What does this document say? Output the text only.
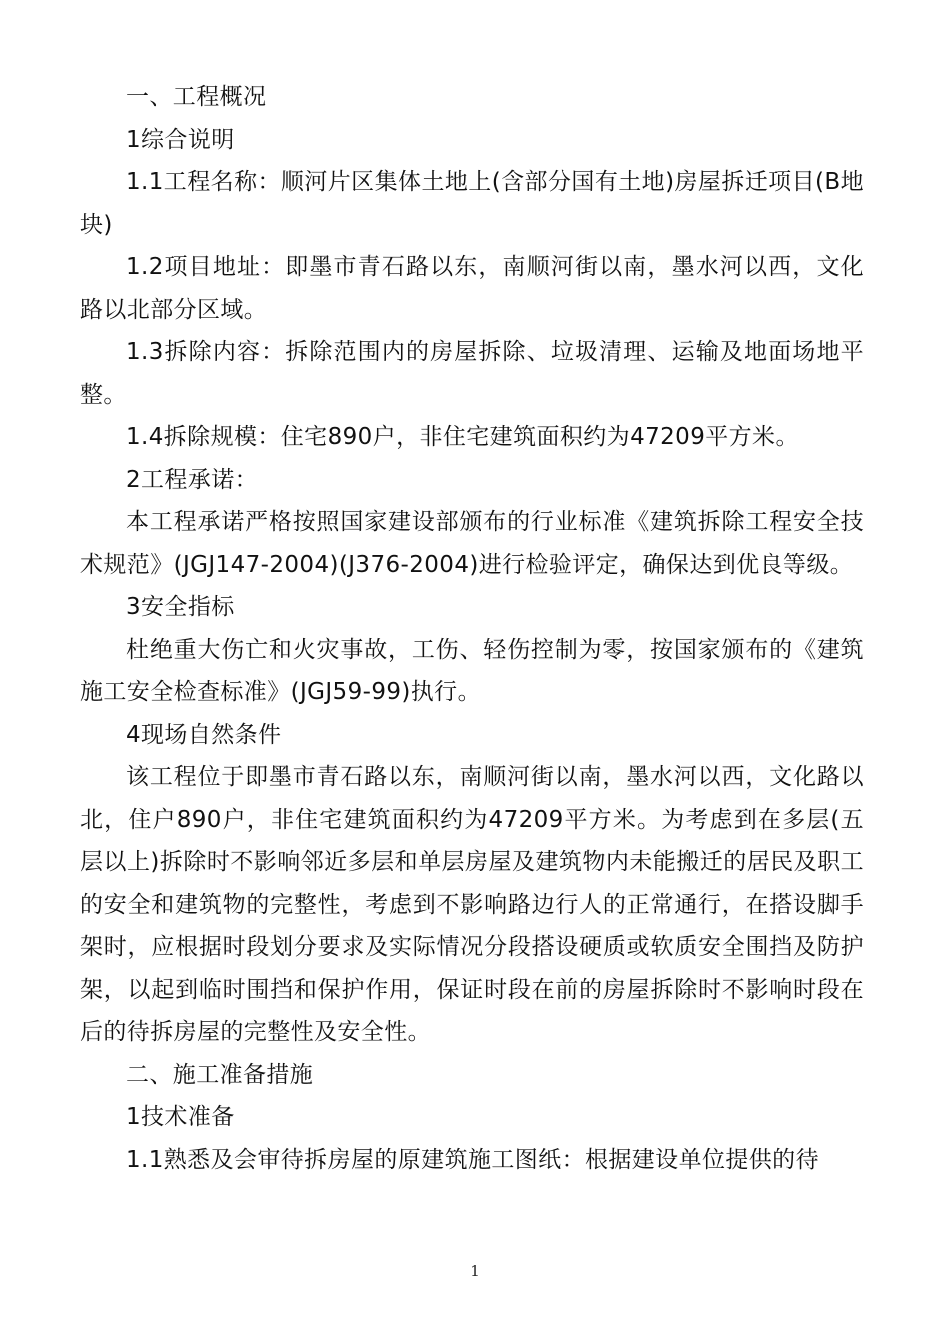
一、工程概况

1综合说明

1.1工程名称：顺河片区集体土地上(含部分国有土地)房屋拆迁项目(B地块)

1.2项目地址：即墨市青石路以东，南顺河街以南，墨水河以西，文化路以北部分区域。

1.3拆除内容：拆除范围内的房屋拆除、垃圾清理、运输及地面场地平整。

1.4拆除规模：住宅890户，非住宅建筑面积约为47209平方米。

2工程承诺：

本工程承诺严格按照国家建设部颁布的行业标准《建筑拆除工程安全技术规范》(JGJ147-2004)(J376-2004)进行检验评定，确保达到优良等级。

3安全指标

杜绝重大伤亡和火灾事故，工伤、轻伤控制为零，按国家颁布的《建筑施工安全检查标准》(JGJ59-99)执行。

4现场自然条件

该工程位于即墨市青石路以东，南顺河街以南，墨水河以西，文化路以北，住户890户，非住宅建筑面积约为47209平方米。为考虑到在多层(五层以上)拆除时不影响邻近多层和单层房屋及建筑物内未能搬迁的居民及职工的安全和建筑物的完整性，考虑到不影响路边行人的正常通行，在搭设脚手架时，应根据时段划分要求及实际情况分段搭设硬质或软质安全围挡及防护架，以起到临时围挡和保护作用，保证时段在前的房屋拆除时不影响时段在后的待拆房屋的完整性及安全性。

二、施工准备措施

1技术准备

1.1熟悉及会审待拆房屋的原建筑施工图纸：根据建设单位提供的待

1
